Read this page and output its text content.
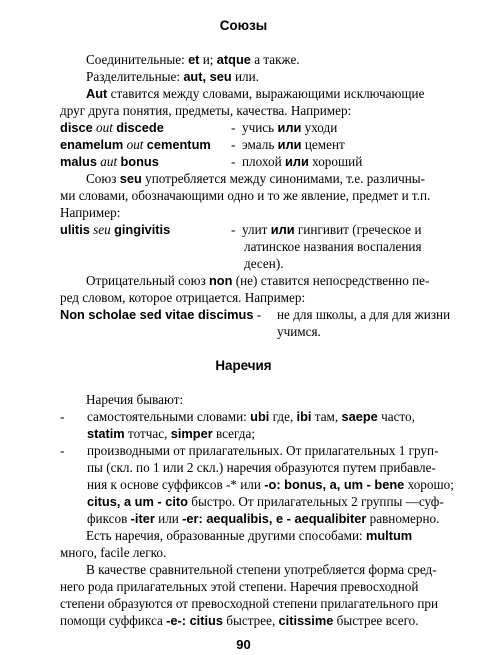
Союзы
Соединительные: et и; atque а также.
Разделительные: aut, seu или.
Aut ставится между словами, выражающими исключающие
друг друга понятия, предметы, качества. Например:
disce out discede	- учись или уходи
enamelum out cementum - эмаль или цемент
malus aut bonus	- плохой или хороший
Союз seu употребляется между синонимами, т.е. различны-
ми словами, обозначающими одно и то же явление, предмет и т.п.
Например:
ulitis seu gingivitis	- улит или гингивит (греческое и
латинское названия воспаления
десен).
Отрицательный союз non (не) ставится непосредственно пе-
ред словом, которое отрицается. Например:
Non scholae sed vitae discimus - не для школы, а для для жизни
учимся.
Наречия
Наречия бывают:
- самостоятельными словами: ubi где, ibi там, saepe часто,
statim тотчас, simper всегда;
- производными от прилагательных. От прилагательных 1 груп-
пы (скл. по 1 или 2 скл.) наречия образуются путем прибавле-
ния к основе суффиксов -* или -o: bonus, a, um - bene хорошо;
citus, a um - cito быстро. От прилагательных 2 группы —суф-
фиксов -iter или -er: aequalibis, e - aequalibiter равномерно.
Есть наречия, образованные другими способами: multum
много, facile легко.
В качестве сравнительной степени употребляется форма сред-
него рода прилагательных этой степени. Наречия превосходной
степени образуются от превосходной степени прилагательного при
помощи суффикса -e-: citius быстрее, citissime быстрее всего.
90
